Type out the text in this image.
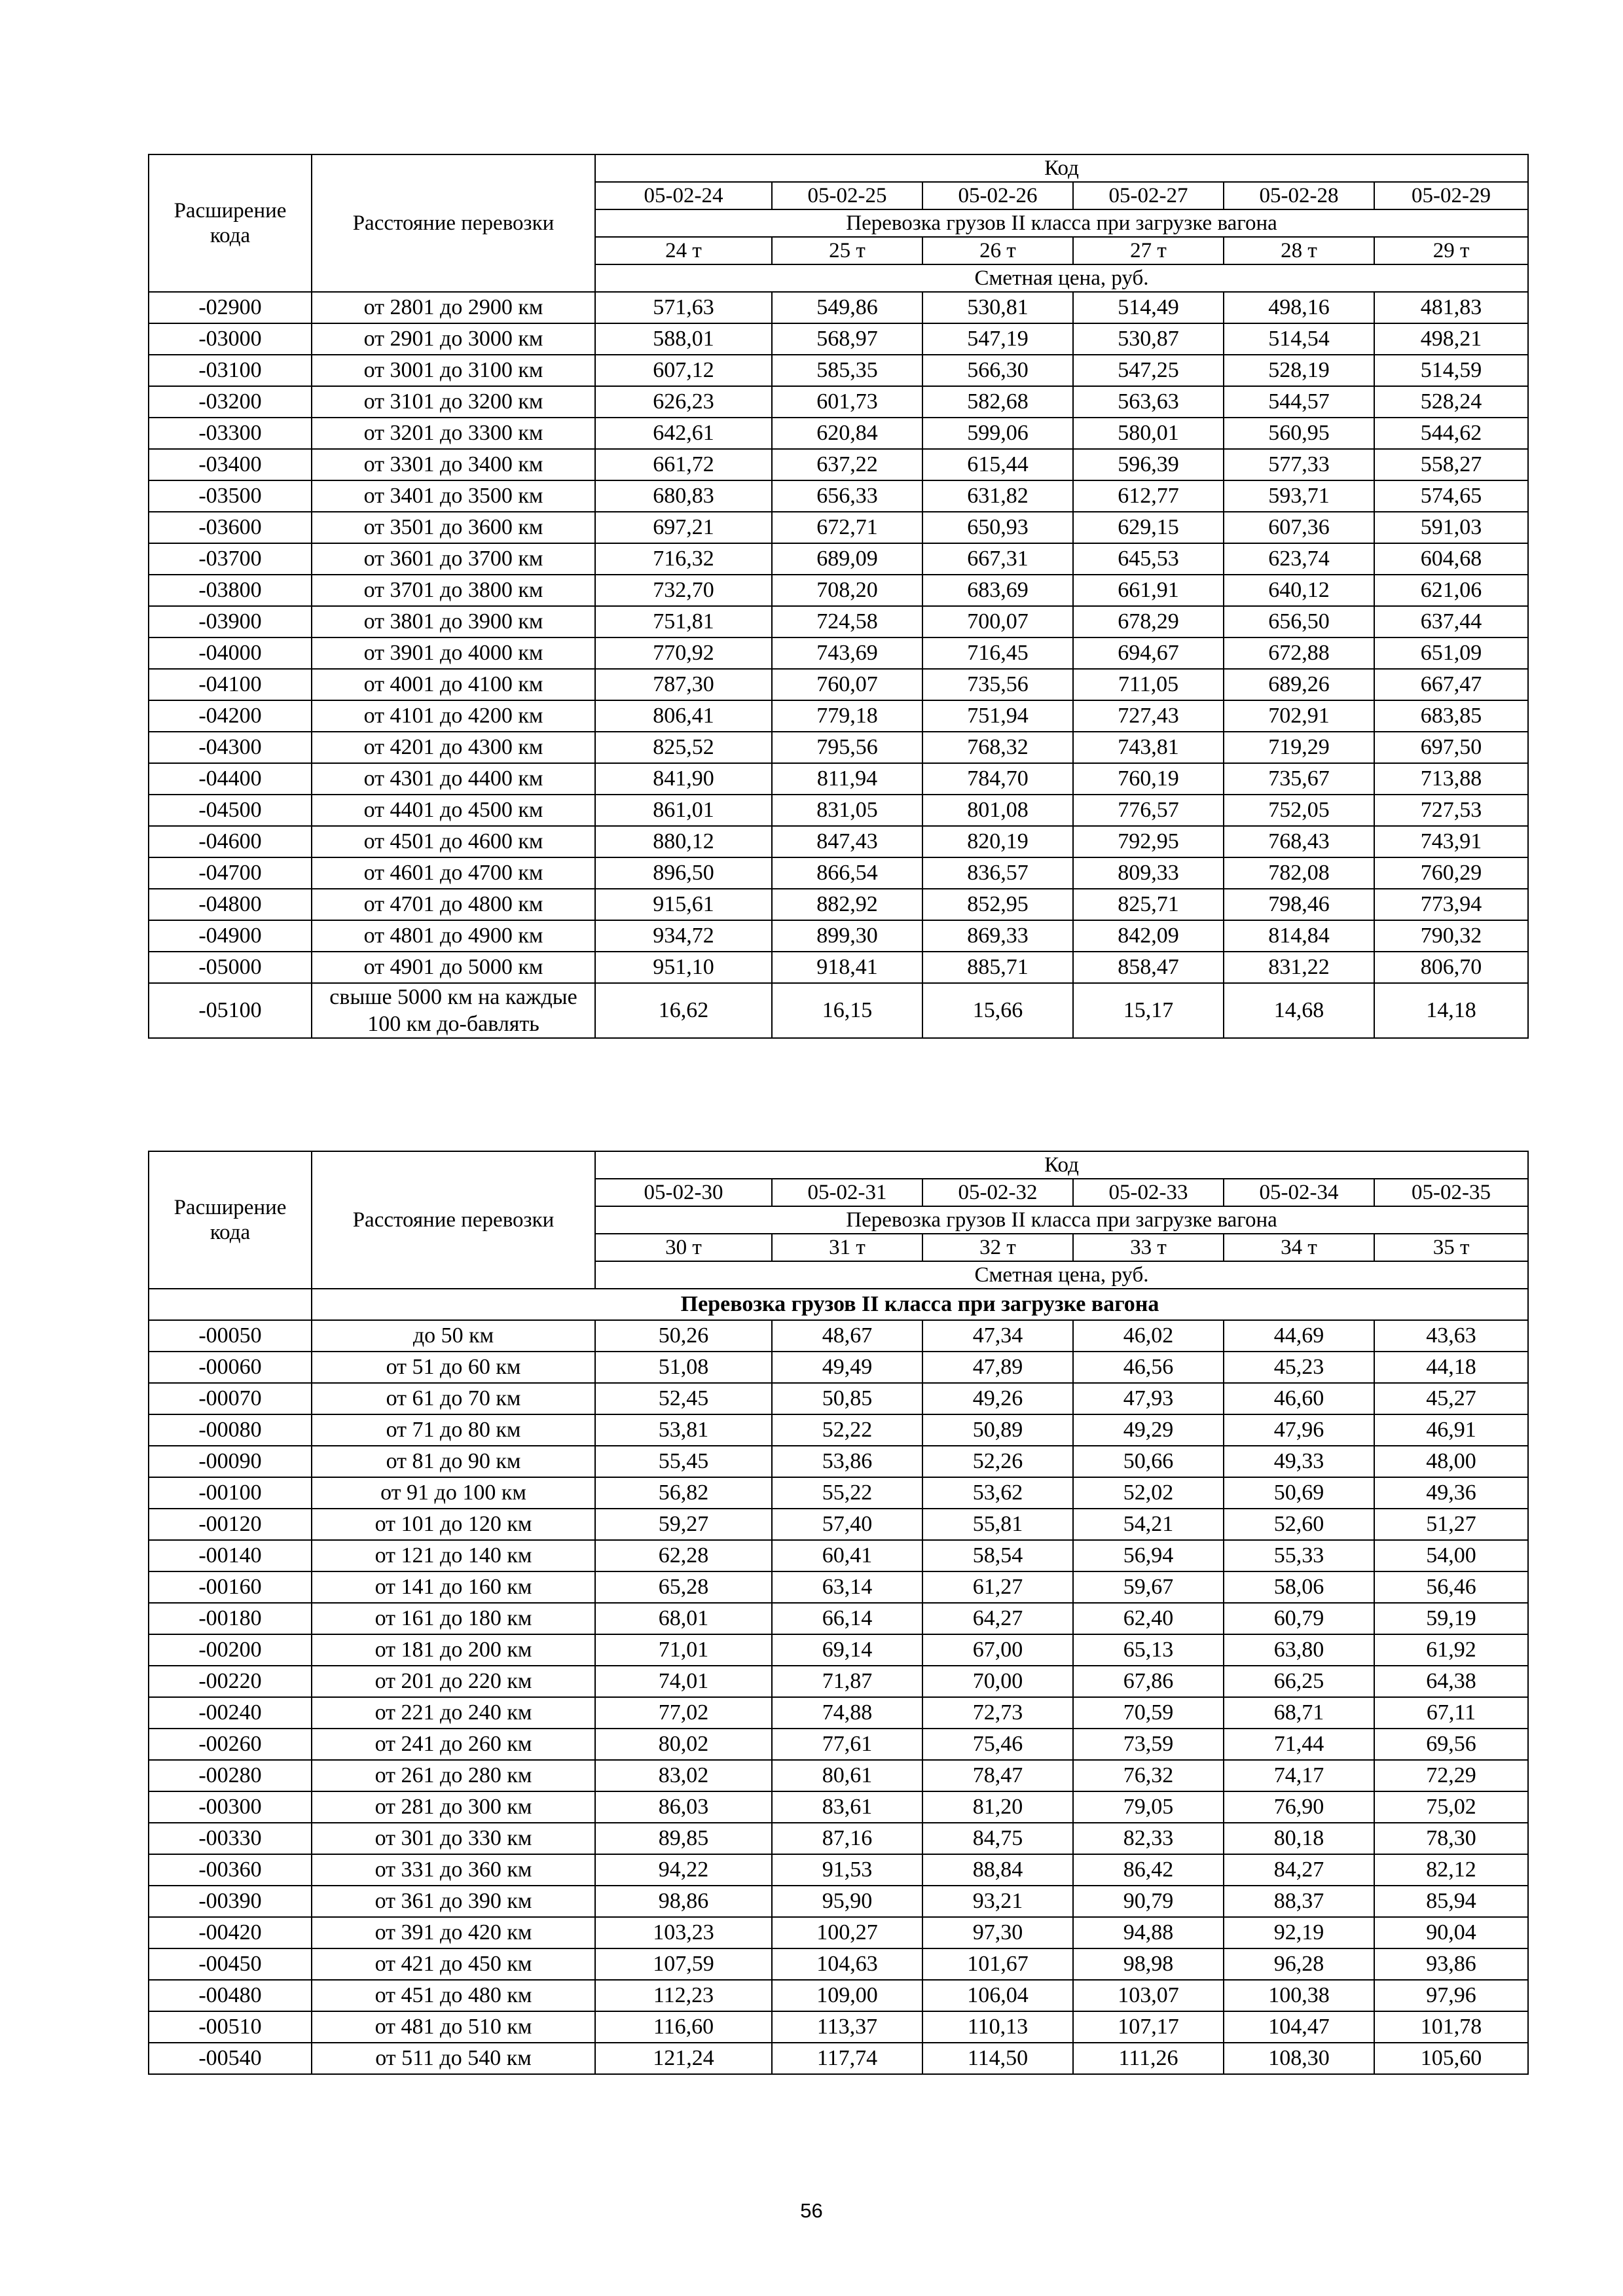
Расширение кода	Расстояние перевозки	Код					
		05-02-24	05-02-25	05-02-26	05-02-27	05-02-28	05-02-29
		Перевозка грузов II класса при загрузке вагона					
		24 т	25 т	26 т	27 т	28 т	29 т
		Сметная цена, руб.					
-02900	от 2801 до 2900 км	571,63	549,86	530,81	514,49	498,16	481,83
-03000	от 2901 до 3000 км	588,01	568,97	547,19	530,87	514,54	498,21
-03100	от 3001 до 3100 км	607,12	585,35	566,30	547,25	528,19	514,59
-03200	от 3101 до 3200 км	626,23	601,73	582,68	563,63	544,57	528,24
-03300	от 3201 до 3300 км	642,61	620,84	599,06	580,01	560,95	544,62
-03400	от 3301 до 3400 км	661,72	637,22	615,44	596,39	577,33	558,27
-03500	от 3401 до 3500 км	680,83	656,33	631,82	612,77	593,71	574,65
-03600	от 3501 до 3600 км	697,21	672,71	650,93	629,15	607,36	591,03
-03700	от 3601 до 3700 км	716,32	689,09	667,31	645,53	623,74	604,68
-03800	от 3701 до 3800 км	732,70	708,20	683,69	661,91	640,12	621,06
-03900	от 3801 до 3900 км	751,81	724,58	700,07	678,29	656,50	637,44
-04000	от 3901 до 4000 км	770,92	743,69	716,45	694,67	672,88	651,09
-04100	от 4001 до 4100 км	787,30	760,07	735,56	711,05	689,26	667,47
-04200	от 4101 до 4200 км	806,41	779,18	751,94	727,43	702,91	683,85
-04300	от 4201 до 4300 км	825,52	795,56	768,32	743,81	719,29	697,50
-04400	от 4301 до 4400 км	841,90	811,94	784,70	760,19	735,67	713,88
-04500	от 4401 до 4500 км	861,01	831,05	801,08	776,57	752,05	727,53
-04600	от 4501 до 4600 км	880,12	847,43	820,19	792,95	768,43	743,91
-04700	от 4601 до 4700 км	896,50	866,54	836,57	809,33	782,08	760,29
-04800	от 4701 до 4800 км	915,61	882,92	852,95	825,71	798,46	773,94
-04900	от 4801 до 4900 км	934,72	899,30	869,33	842,09	814,84	790,32
-05000	от 4901 до 5000 км	951,10	918,41	885,71	858,47	831,22	806,70
-05100	свыше 5000 км на каждые 100 км до-бавлять	16,62	16,15	15,66	15,17	14,68	14,18
Расширение кода	Расстояние перевозки	Код					
		05-02-30	05-02-31	05-02-32	05-02-33	05-02-34	05-02-35
		Перевозка грузов II класса при загрузке вагона					
		30 т	31 т	32 т	33 т	34 т	35 т
		Сметная цена, руб.					
	Перевозка грузов II класса при загрузке вагона						
-00050	до 50 км	50,26	48,67	47,34	46,02	44,69	43,63
-00060	от 51 до 60 км	51,08	49,49	47,89	46,56	45,23	44,18
-00070	от 61 до 70 км	52,45	50,85	49,26	47,93	46,60	45,27
-00080	от 71 до 80 км	53,81	52,22	50,89	49,29	47,96	46,91
-00090	от 81 до 90 км	55,45	53,86	52,26	50,66	49,33	48,00
-00100	от 91 до 100 км	56,82	55,22	53,62	52,02	50,69	49,36
-00120	от 101 до 120 км	59,27	57,40	55,81	54,21	52,60	51,27
-00140	от 121 до 140 км	62,28	60,41	58,54	56,94	55,33	54,00
-00160	от 141 до 160 км	65,28	63,14	61,27	59,67	58,06	56,46
-00180	от 161 до 180 км	68,01	66,14	64,27	62,40	60,79	59,19
-00200	от 181 до 200 км	71,01	69,14	67,00	65,13	63,80	61,92
-00220	от 201 до 220 км	74,01	71,87	70,00	67,86	66,25	64,38
-00240	от 221 до 240 км	77,02	74,88	72,73	70,59	68,71	67,11
-00260	от 241 до 260 км	80,02	77,61	75,46	73,59	71,44	69,56
-00280	от 261 до 280 км	83,02	80,61	78,47	76,32	74,17	72,29
-00300	от 281 до 300 км	86,03	83,61	81,20	79,05	76,90	75,02
-00330	от 301 до 330 км	89,85	87,16	84,75	82,33	80,18	78,30
-00360	от 331 до 360 км	94,22	91,53	88,84	86,42	84,27	82,12
-00390	от 361 до 390 км	98,86	95,90	93,21	90,79	88,37	85,94
-00420	от 391 до 420 км	103,23	100,27	97,30	94,88	92,19	90,04
-00450	от 421 до 450 км	107,59	104,63	101,67	98,98	96,28	93,86
-00480	от 451 до 480 км	112,23	109,00	106,04	103,07	100,38	97,96
-00510	от 481 до 510 км	116,60	113,37	110,13	107,17	104,47	101,78
-00540	от 511 до 540 км	121,24	117,74	114,50	111,26	108,30	105,60
56
